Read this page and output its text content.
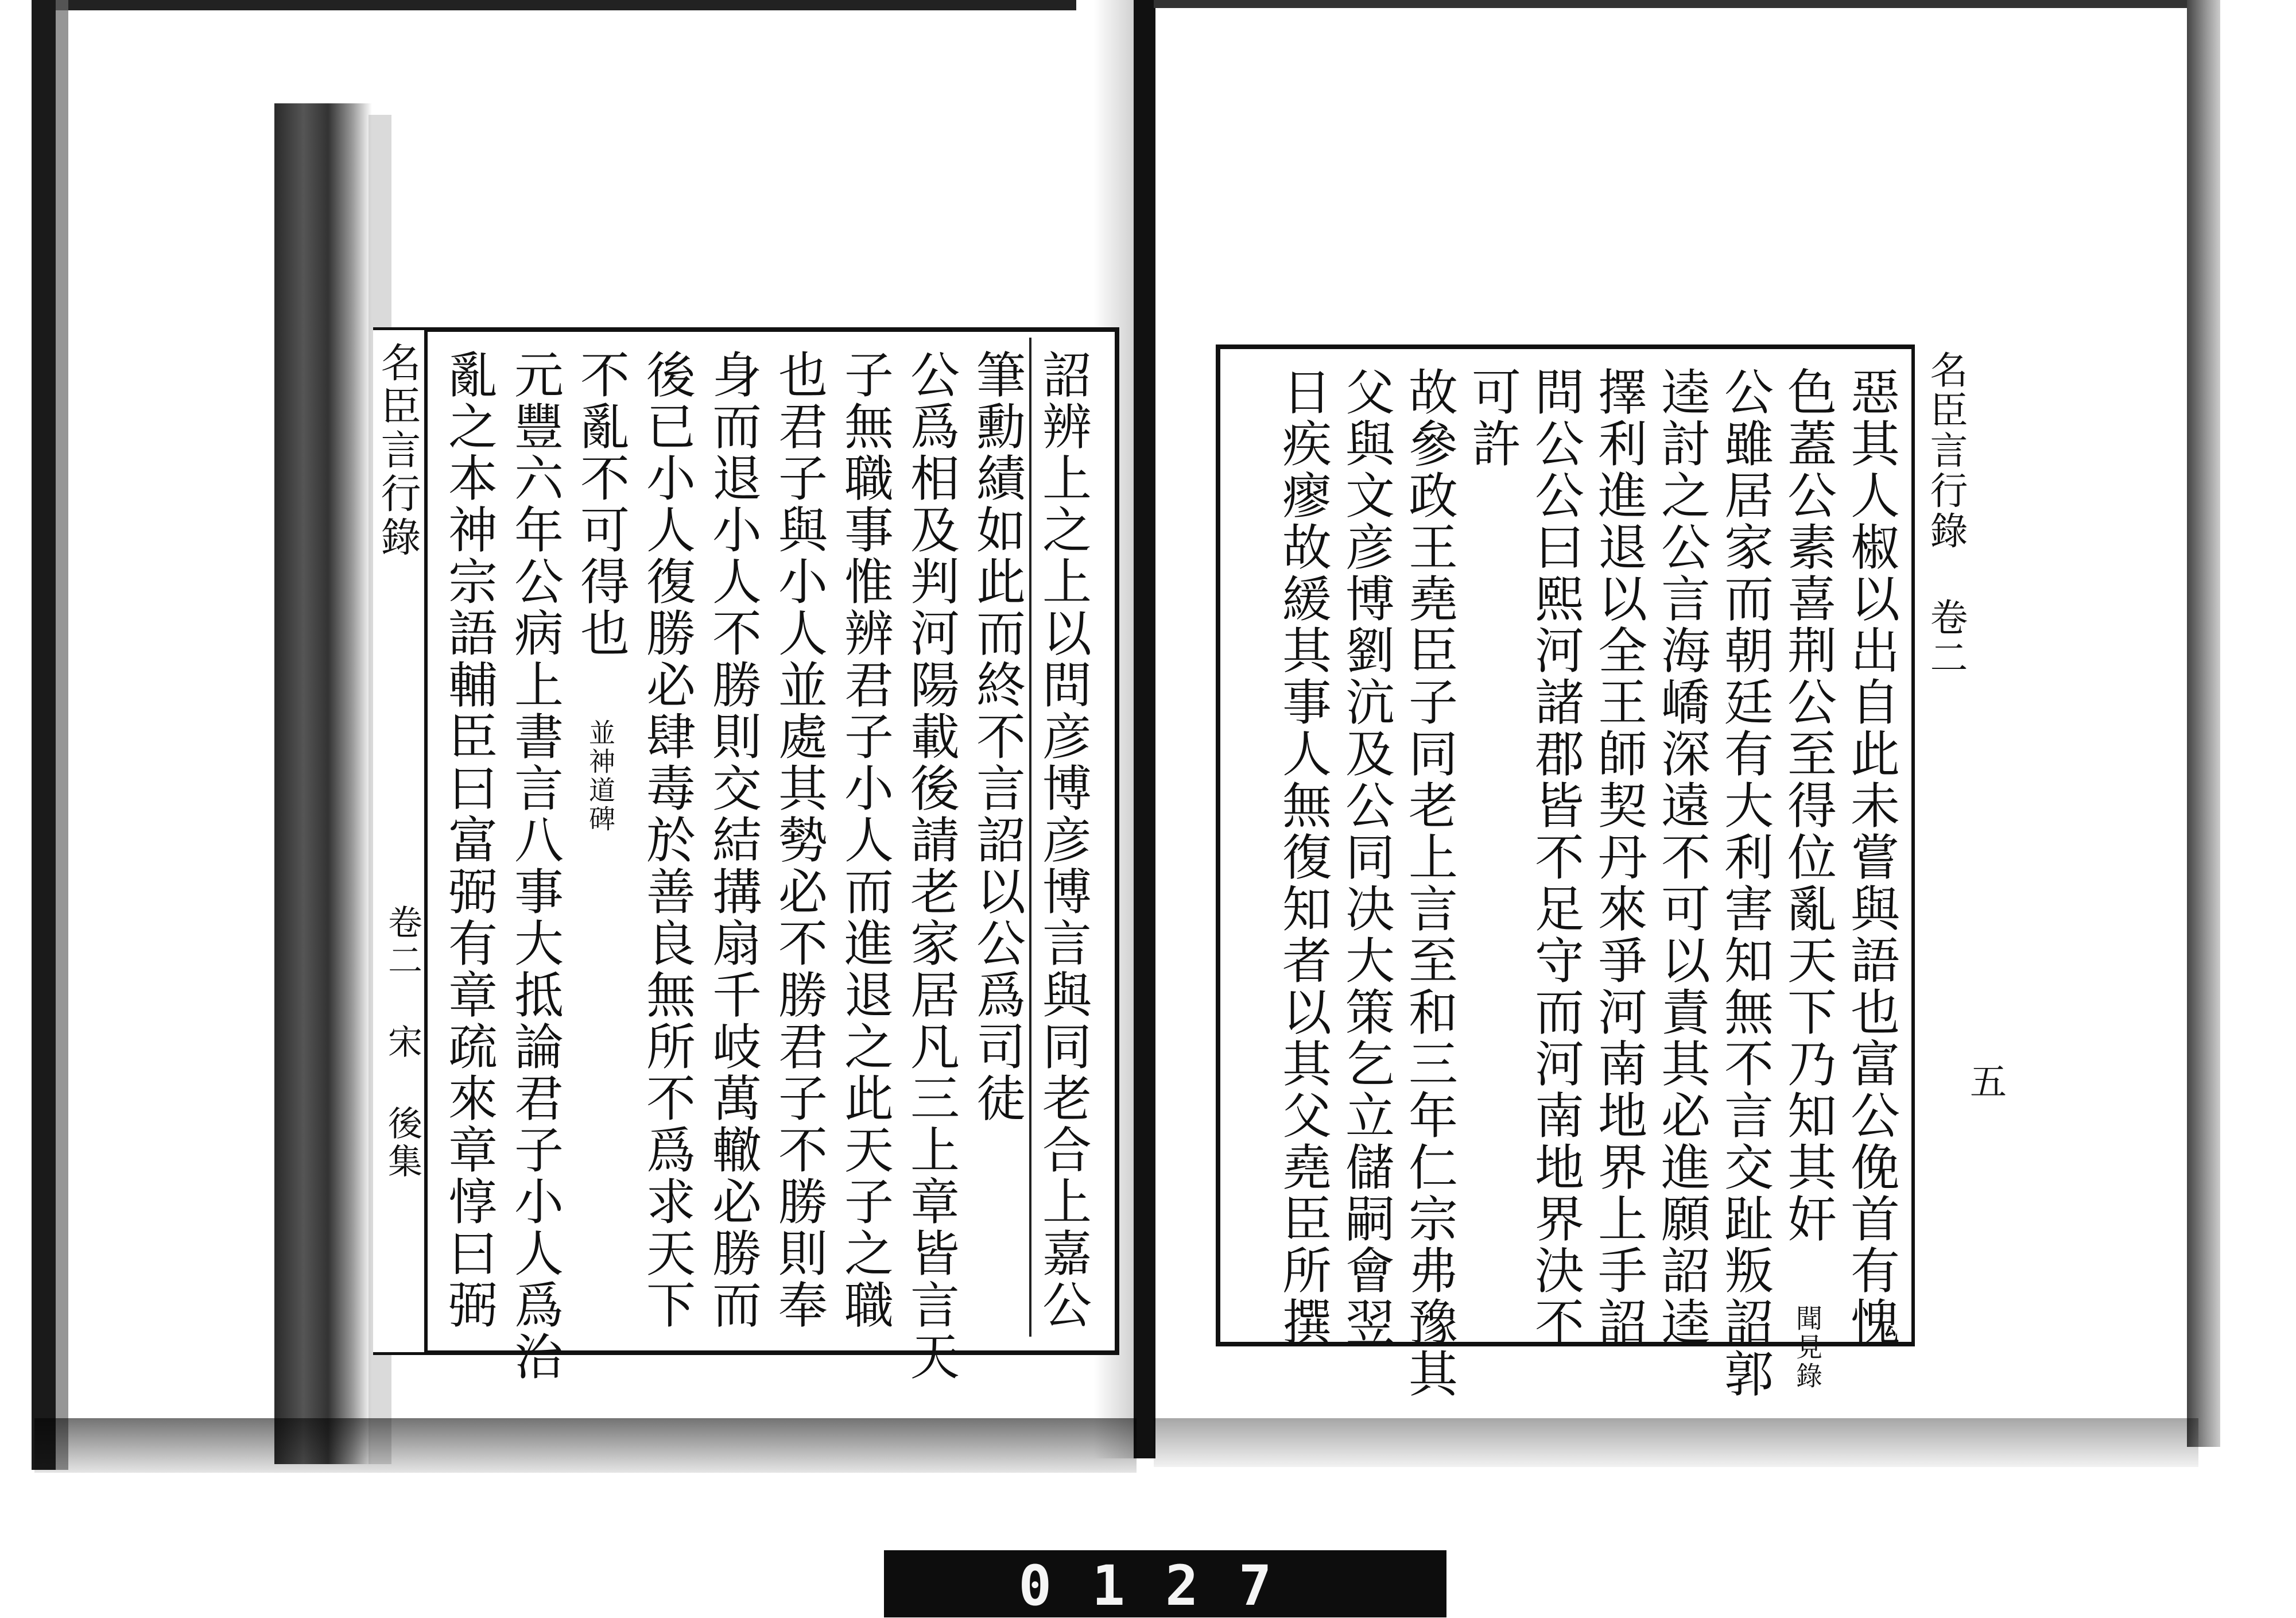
詔辨上之上以問彦博彦博言與同老合上嘉公
筆勳績如此而終不言詔以公爲司徒
公爲相及判河陽載後請老家居凡三上章皆言天
子無職事惟辨君子小人而進退之此天子之職
也君子與小人並處其勢必不勝君子不勝則奉
身而退小人不勝則交結搆扇千岐萬轍必勝而
後已小人復勝必肆毒於善良無所不爲求天下
不亂不可得也 並神道碑
元豐六年公病上書言八事大抵論君子小人爲治
亂之本神宗語輔臣曰富弼有章疏來章惇曰弼
名臣言行錄
卷二 宋 後集	惡其人椒以出自此未嘗與語也富公俛首有愧
色蓋公素喜荆公至得位亂天下乃知其奸 聞見錄
公雖居家而朝廷有大利害知無不言交趾叛詔郭
逵討之公言海嶠深遠不可以責其必進願詔逵
擇利進退以全王師契丹來爭河南地界上手詔
問公公曰熙河諸郡皆不足守而河南地界決不
可許
故參政王堯臣子同老上言至和三年仁宗弗豫其
父與文彦博劉沆及公同决大策乞立儲嗣會翌
日疾瘳故緩其事人無復知者以其父堯臣所撰	名臣言行錄 卷二
五
0127
